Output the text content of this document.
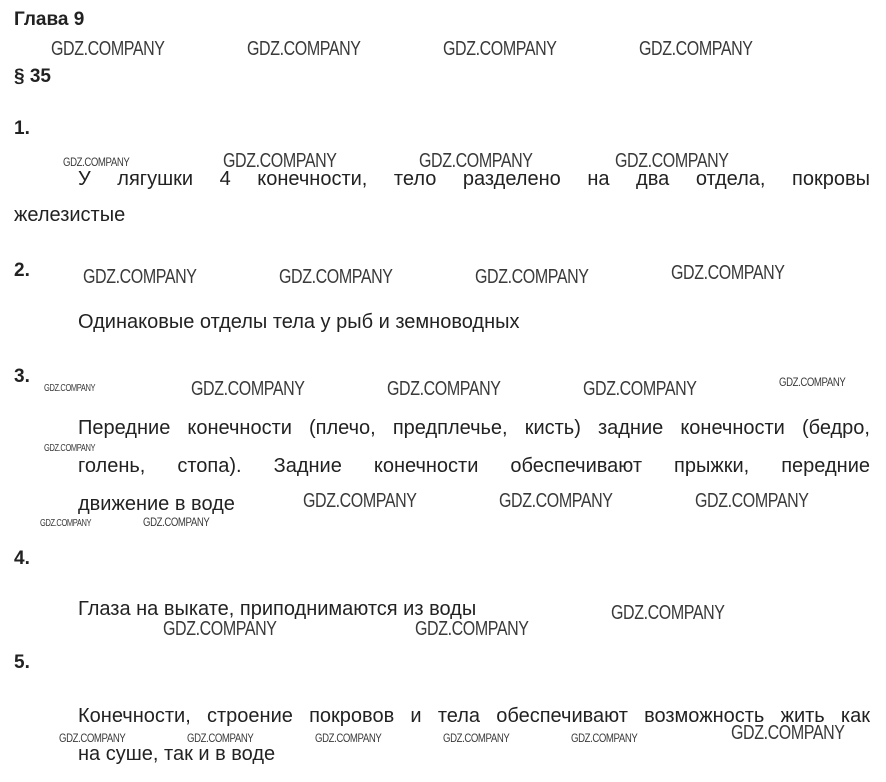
Глава 9
§ 35
1.
У лягушки 4 конечности, тело разделено на два отдела, покровы
железистые
2.
Одинаковые отделы тела у рыб и земноводных
3.
Передние конечности (плечо, предплечье, кисть) задние конечности (бедро,
голень, стопа). Задние конечности обеспечивают прыжки, передние
движение в воде
4.
Глаза на выкате, приподнимаются из воды
5.
Конечности, строение покровов и тела обеспечивают возможность жить как
на суше, так и в воде
GDZ.COMPANY	GDZ.COMPANY	GDZ.COMPANY	GDZ.COMPANY
GDZ.COMPANY	GDZ.COMPANY	GDZ.COMPANY	GDZ.COMPANY
GDZ.COMPANY	GDZ.COMPANY	GDZ.COMPANY	GDZ.COMPANY
GDZ.COMPANY	GDZ.COMPANY	GDZ.COMPANY	GDZ.COMPANY	GDZ.COMPANY
GDZ.COMPANY
GDZ.COMPANY	GDZ.COMPANY	GDZ.COMPANY
GDZ.COMPANY	GDZ.COMPANY
GDZ.COMPANY
GDZ.COMPANY	GDZ.COMPANY
GDZ.COMPANY
GDZ.COMPANY	GDZ.COMPANY	GDZ.COMPANY	GDZ.COMPANY	GDZ.COMPANY
